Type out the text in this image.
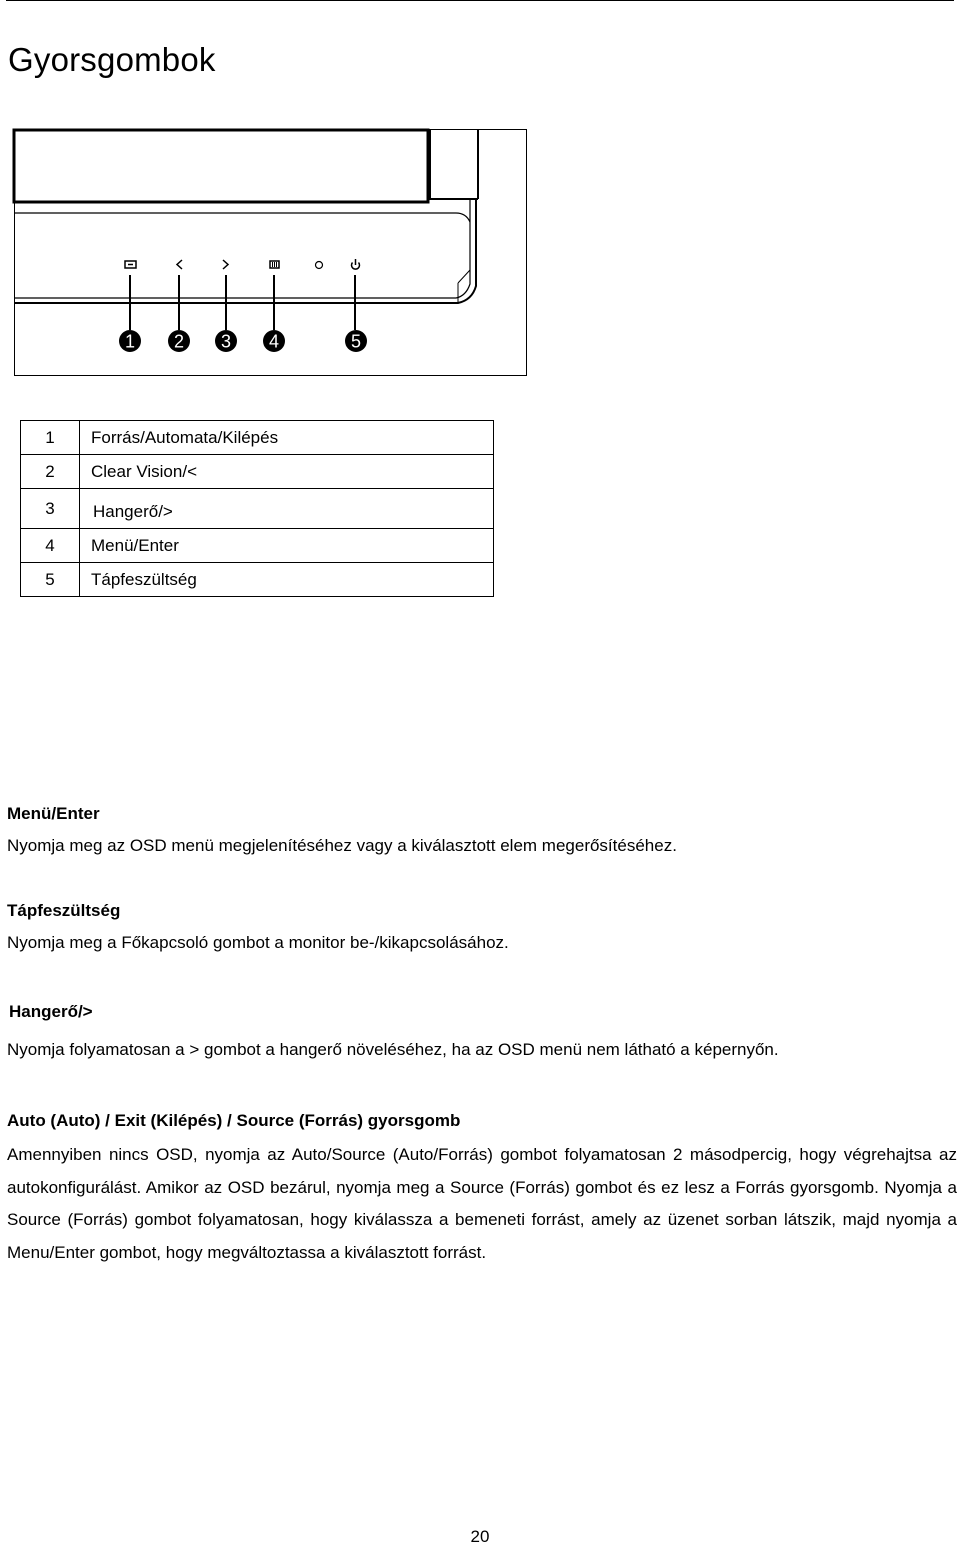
Gyorsgombok
1 2 3 4	5
1	Forrás/Automata/Kilépés
2	Clear Vision/<
3	Hangerő/>
4	Menü/Enter
5	Tápfeszültség
Menü/Enter

Nyomja meg az OSD menü megjelenítéséhez vagy a kiválasztott elem megerősítéséhez.

Tápfeszültség

Nyomja meg a Főkapcsoló gombot a monitor be-/kikapcsolásához.

Hangerő/>

Nyomja folyamatosan a > gombot a hangerő növeléséhez, ha az OSD menü nem látható a képernyőn.

Auto (Auto) / Exit (Kilépés) / Source (Forrás) gyorsgomb

Amennyiben nincs OSD, nyomja az Auto/Source (Auto/Forrás) gombot folyamatosan 2 másodpercig, hogy végrehajtsa az autokonfigurálást. Amikor az OSD bezárul, nyomja meg a Source (Forrás) gombot és ez lesz a Forrás gyorsgomb. Nyomja a Source (Forrás) gombot folyamatosan, hogy kiválassza a bemeneti forrást, amely az üzenet sorban látszik, majd nyomja a Menu/Enter gombot, hogy megváltoztassa a kiválasztott forrást.

20
